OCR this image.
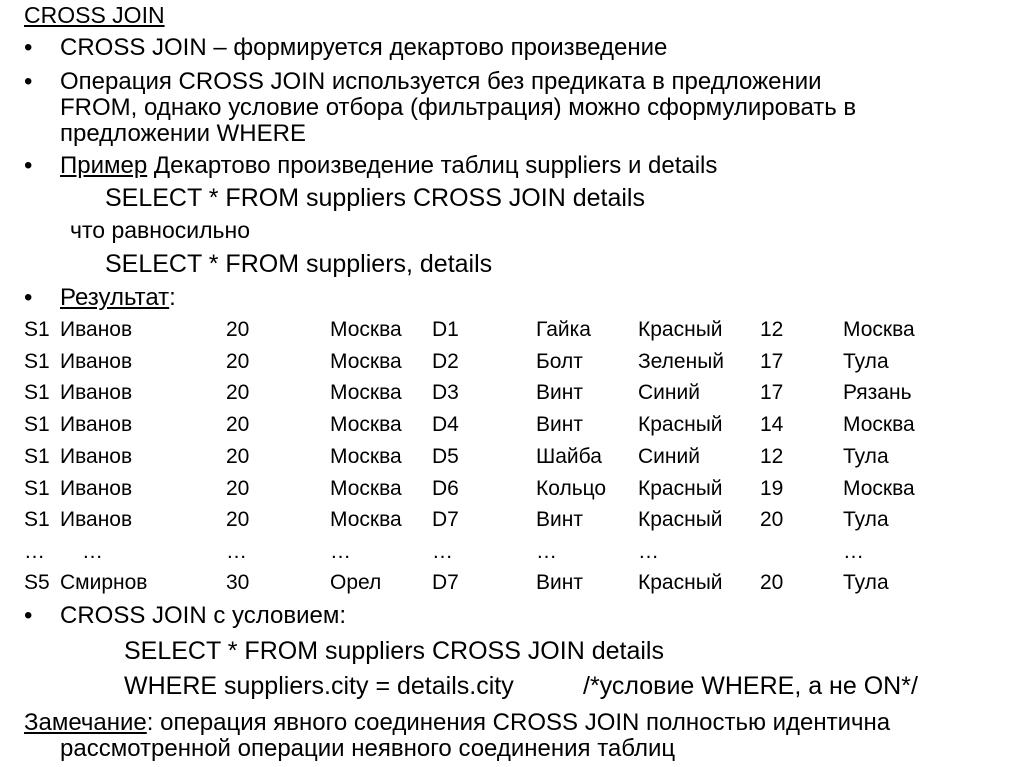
CROSS JOIN
• CROSS JOIN – формируется декартово произведение
• Операция CROSS JOIN используется без предиката в предложении
FROM, однако условие отбора (фильтрация) можно сформулировать в
предложении WHERE
• Пример Декартово произведение таблиц suppliers и details
SELECT * FROM suppliers CROSS JOIN details
что равносильно
SELECT * FROM suppliers, details
• Результат:
S1 Иванов	20	Москва D1	Гайка Красный 12	Москва
S1 Иванов	20	Москва D2	Болт	Зеленый 17	Тула
S1 Иванов	20	Москва D3	Винт	Синий	17	Рязань
S1 Иванов	20	Москва D4	Винт	Красный 14	Москва
S1 Иванов	20	Москва D5	Шайба Синий	12	Тула
S1 Иванов	20	Москва D6	Кольцо Красный 19	Москва
S1 Иванов	20	Москва D7	Винт	Красный 20	Тула
… …	…	…	…	…	…	…
S5 Смирнов	30	Орел D7	Винт	Красный 20	Тула
• CROSS JOIN с условием:
SELECT * FROM suppliers CROSS JOIN details
WHERE suppliers.city = details.city	/*условие WHERE, а не ON*/
Замечание: операция явного соединения CROSS JOIN полностью идентична
рассмотренной операции неявного соединения таблиц
